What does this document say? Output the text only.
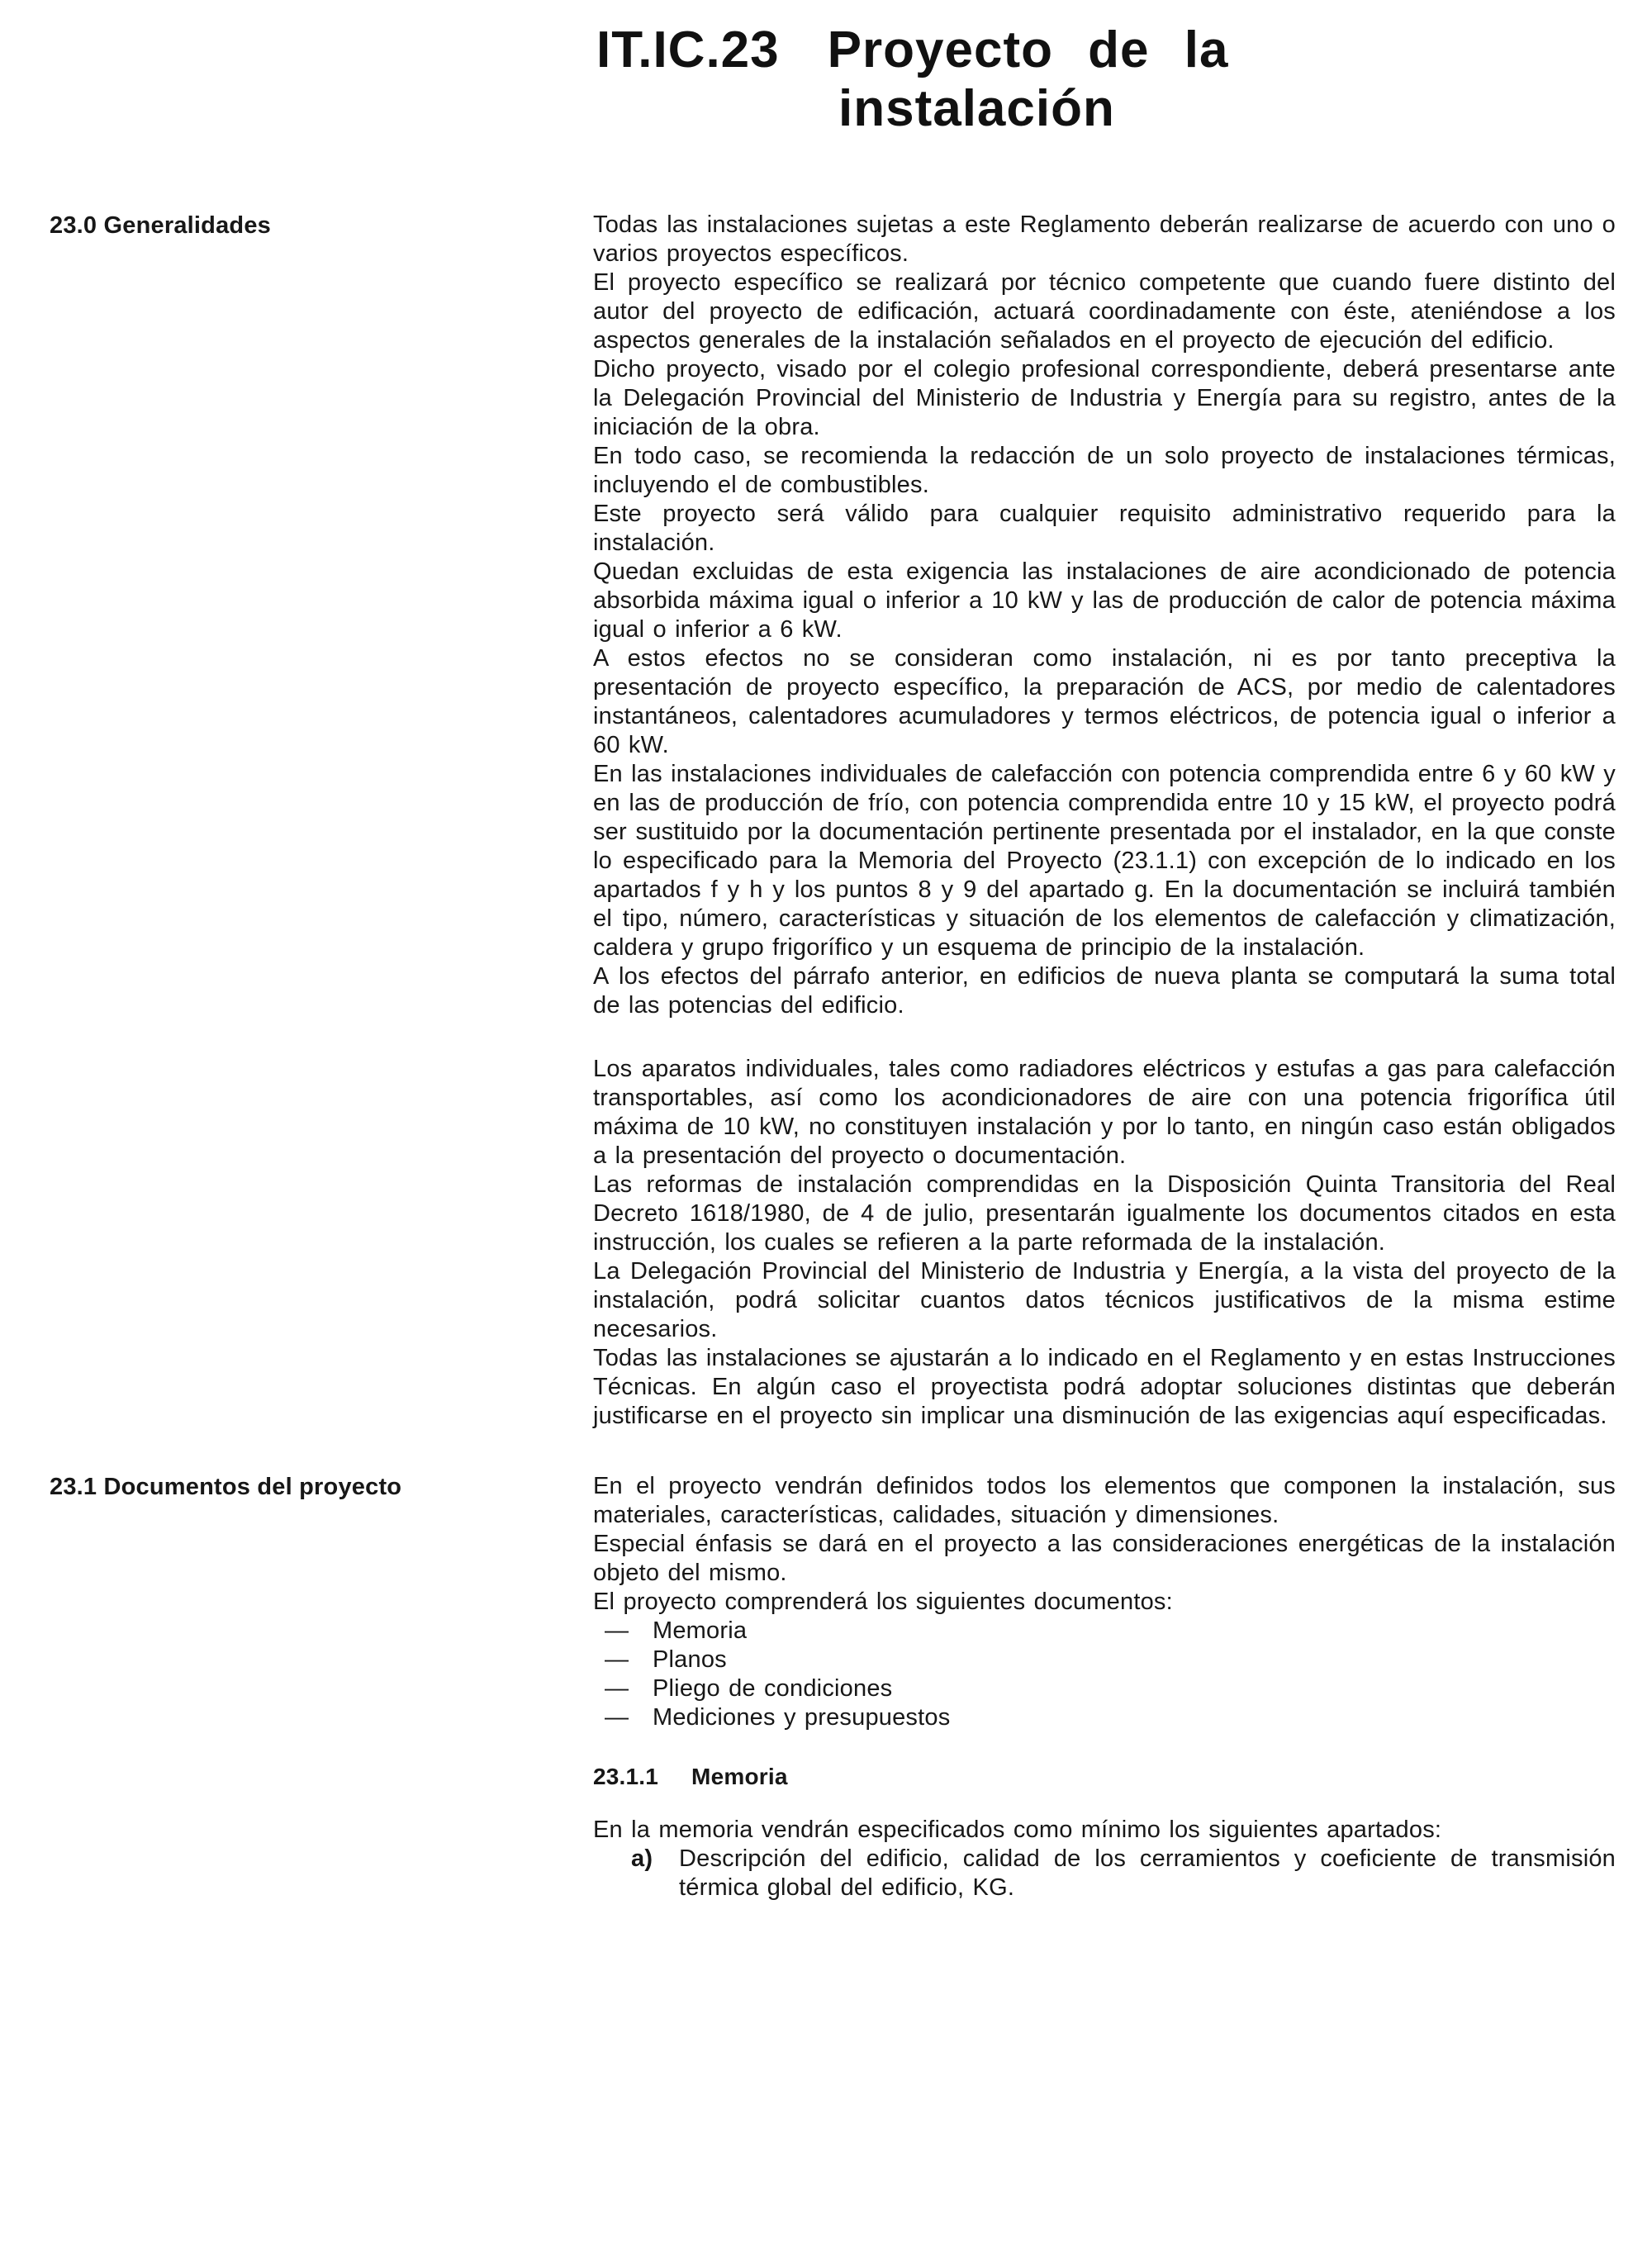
IT.IC.23 Proyecto de la
instalación
23.0 Generalidades	Todas las instalaciones sujetas a este Reglamento deberán realizarse de acuerdo con uno o varios proyectos específicos.

El proyecto específico se realizará por técnico competente que cuando fuere distinto del autor del proyecto de edificación, actuará coordinadamente con éste, ateniéndose a los aspectos generales de la instalación señalados en el proyecto de ejecución del edificio.

Dicho proyecto, visado por el colegio profesional correspondiente, deberá presentarse ante la Delegación Provincial del Ministerio de Industria y Energía para su registro, antes de la iniciación de la obra.

En todo caso, se recomienda la redacción de un solo proyecto de instalaciones térmicas, incluyendo el de combustibles.

Este proyecto será válido para cualquier requisito administrativo requerido para la instalación.

Quedan excluidas de esta exigencia las instalaciones de aire acondicionado de potencia absorbida máxima igual o inferior a 10 kW y las de producción de calor de potencia máxima igual o inferior a 6 kW.

A estos efectos no se consideran como instalación, ni es por tanto preceptiva la presentación de proyecto específico, la preparación de ACS, por medio de calentadores instantáneos, calentadores acumuladores y termos eléctricos, de potencia igual o inferior a 60 kW.

En las instalaciones individuales de calefacción con potencia comprendida entre 6 y 60 kW y en las de producción de frío, con potencia comprendida entre 10 y 15 kW, el proyecto podrá ser sustituido por la documentación pertinente presentada por el instalador, en la que conste lo especificado para la Memoria del Proyecto (23.1.1) con excepción de lo indicado en los apartados f y h y los puntos 8 y 9 del apartado g. En la documentación se incluirá también el tipo, número, características y situación de los elementos de calefacción y climatización, caldera y grupo frigorífico y un esquema de principio de la instalación.

A los efectos del párrafo anterior, en edificios de nueva planta se computará la suma total de las potencias del edificio.

Los aparatos individuales, tales como radiadores eléctricos y estufas a gas para calefacción transportables, así como los acondicionadores de aire con una potencia frigorífica útil máxima de 10 kW, no constituyen instalación y por lo tanto, en ningún caso están obligados a la presentación del proyecto o documentación.

Las reformas de instalación comprendidas en la Disposición Quinta Transitoria del Real Decreto 1618/1980, de 4 de julio, presentarán igualmente los documentos citados en esta instrucción, los cuales se refieren a la parte reformada de la instalación.

La Delegación Provincial del Ministerio de Industria y Energía, a la vista del proyecto de la instalación, podrá solicitar cuantos datos técnicos justificativos de la misma estime necesarios.

Todas las instalaciones se ajustarán a lo indicado en el Reglamento y en estas Instrucciones Técnicas. En algún caso el proyectista podrá adoptar soluciones distintas que deberán justificarse en el proyecto sin implicar una disminución de las exigencias aquí especificadas.

23.1 Documentos del proyecto	En el proyecto vendrán definidos todos los elementos que componen la instalación, sus materiales, características, calidades, situación y dimensiones.

Especial énfasis se dará en el proyecto a las consideraciones energéticas de la instalación objeto del mismo.

El proyecto comprenderá los siguientes documentos:

— Memoria
— Planos
— Pliego de condiciones
— Mediciones y presupuestos
23.1.1 Memoria

En la memoria vendrán especificados como mínimo los siguientes apartados:

a)	Descripción del edificio, calidad de los cerramientos y coeficiente de transmisión térmica global del edificio, KG.
